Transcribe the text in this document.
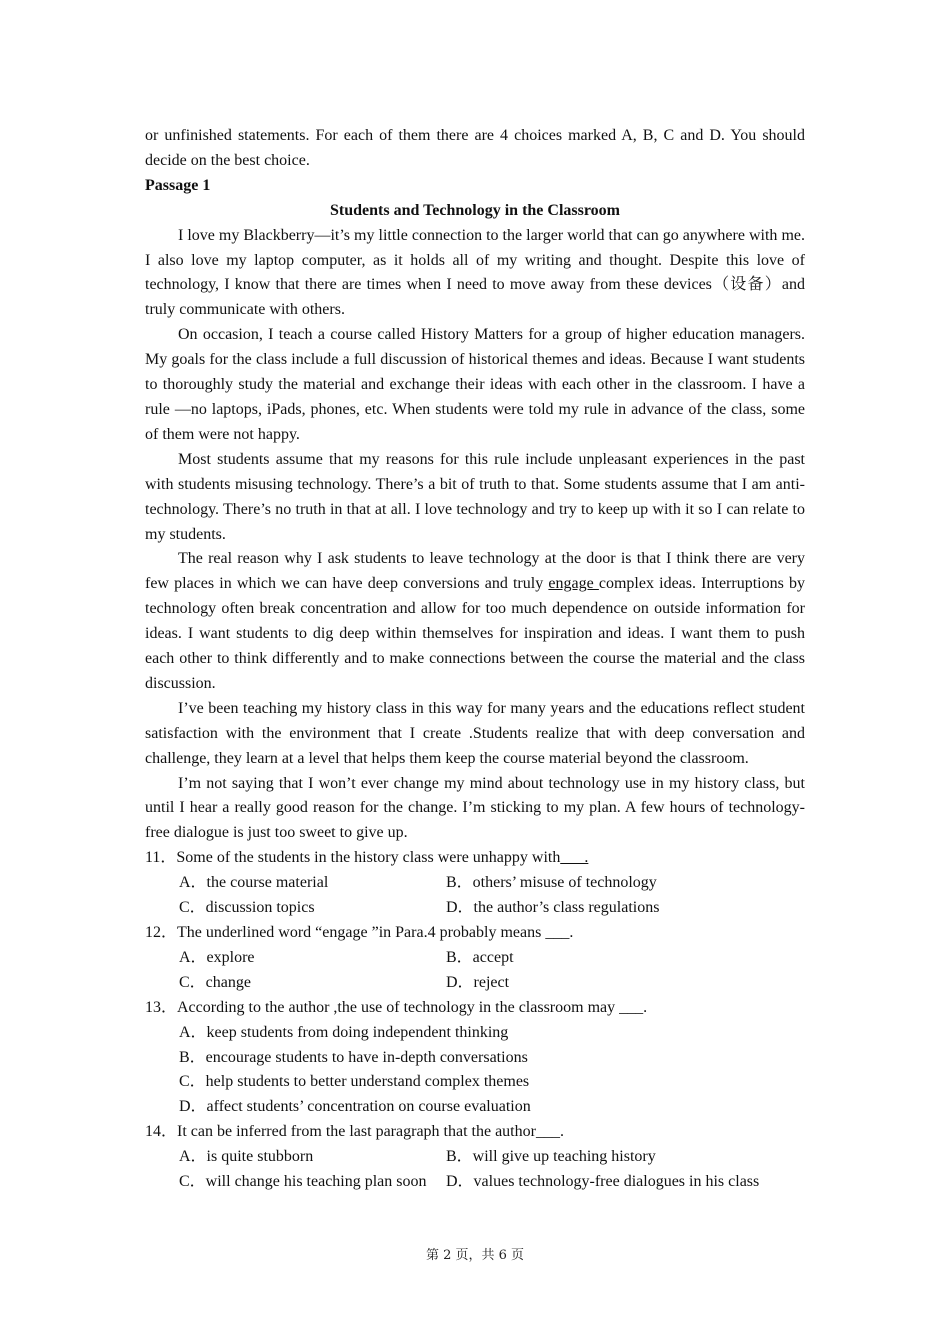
or unfinished statements. For each of them there are 4 choices marked A, B, C and D. You should decide on the best choice.

Passage 1

Students and Technology in the Classroom

I love my Blackberry—it’s my little connection to the larger world that can go anywhere with me. I also love my laptop computer, as it holds all of my writing and thought. Despite this love of technology, I know that there are times when I need to move away from these devices（设备）and truly communicate with others.

On occasion, I teach a course called History Matters for a group of higher education managers. My goals for the class include a full discussion of historical themes and ideas. Because I want students to thoroughly study the material and exchange their ideas with each other in the classroom. I have a rule —no laptops, iPads, phones, etc. When students were told my rule in advance of the class, some of them were not happy.

Most students assume that my reasons for this rule include unpleasant experiences in the past with students misusing technology. There’s a bit of truth to that. Some students assume that I am anti-technology. There’s no truth in that at all. I love technology and try to keep up with it so I can relate to my students.

The real reason why I ask students to leave technology at the door is that I think there are very few places in which we can have deep conversions and truly engage complex ideas. Interruptions by technology often break concentration and allow for too much dependence on outside information for ideas. I want students to dig deep within themselves for inspiration and ideas. I want them to push each other to think differently and to make connections between the course the material and the class discussion.

I’ve been teaching my history class in this way for many years and the educations reflect student satisfaction with the environment that I create .Students realize that with deep conversation and challenge, they learn at a level that helps them keep the course material beyond the classroom.

I’m not saying that I won’t ever change my mind about technology use in my history class, but until I hear a really good reason for the change. I’m sticking to my plan. A few hours of technology-free dialogue is just too sweet to give up.

11．Some of the students in the history class were unhappy with___.

A．the course material	B．others’ misuse of technology
C．discussion topics	D．the author’s class regulations

12．The underlined word “engage ”in Para.4 probably means ___.

A．explore	B．accept
C．change	D．reject

13．According to the author ,the use of technology in the classroom may ___.

A．keep students from doing independent thinking

B．encourage students to have in-depth conversations

C．help students to better understand complex themes

D．affect students’ concentration on course evaluation

14．It can be inferred from the last paragraph that the author___.

A．is quite stubborn	B．will give up teaching history
C．will change his teaching plan soon	D．values technology-free dialogues in his class
第 2 页，共 6 页
